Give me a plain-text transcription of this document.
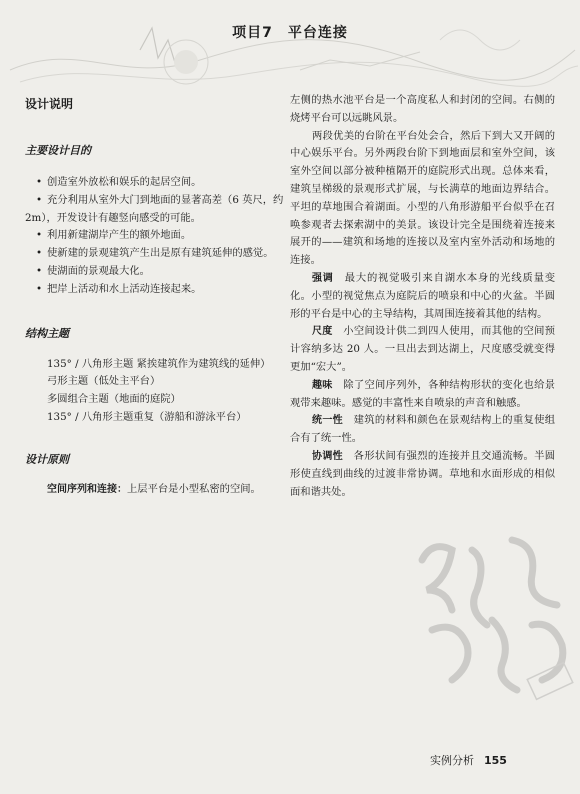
项目7　平台连接
设计说明
主要设计目的
• 创造室外放松和娱乐的起居空间。
• 充分利用从室外大门到地面的显著高差（6 英尺，约 2m），开发设计有趣竖向感受的可能。
• 利用新建湖岸产生的额外地面。
• 使新建的景观建筑产生出是原有建筑延伸的感觉。
• 使湖面的景观最大化。
• 把岸上活动和水上活动连接起来。
结构主题
135° / 八角形主题 紧挨建筑作为建筑线的延伸）
弓形主题（低处主平台）
多圆组合主题（地面的庭院）
135° / 八角形主题重复（游船和游泳平台）
设计原则

空间序列和连接：上层平台是小型私密的空间。

左侧的热水池平台是一个高度私人和封闭的空间。右侧的烧烤平台可以远眺风景。

两段优美的台阶在平台处会合，然后下到大又开阔的中心娱乐平台。另外两段台阶下到地面层和室外空间，该室外空间以部分被种植隔开的庭院形式出现。总体来看，建筑呈梯级的景观形式扩展，与长满草的地面边界结合。平坦的草地围合着湖面。小型的八角形游船平台似乎在召唤参观者去探索湖中的美景。该设计完全是围绕着连接来展开的——建筑和场地的连接以及室内室外活动和场地的连接。

强调　 最大的视觉吸引来自湖水本身的光线质量变化。小型的视觉焦点为庭院后的喷泉和中心的火盆。半圆形的平台是中心的主导结构，其周围连接着其他的结构。

尺度　 小空间设计供二到四人使用，而其他的空间预计容纳多达 20 人。一旦出去到达湖上，尺度感受就变得更加“宏大”。

趣味　 除了空间序列外，各种结构形状的变化也给景观带来趣味。感觉的丰富性来自喷泉的声音和触感。

统一性　 建筑的材料和颜色在景观结构上的重复使组合有了统一性。

协调性　 各形状间有强烈的连接并且交通流畅。半圆形使直线到曲线的过渡非常协调。草地和水面形成的相似面和谐共处。

实例分析 155
